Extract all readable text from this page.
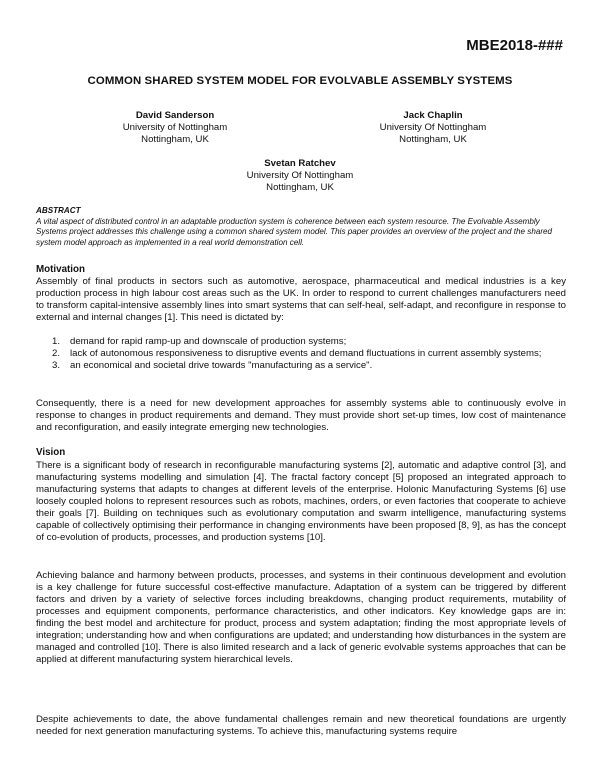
MBE2018-###
COMMON SHARED SYSTEM MODEL FOR EVOLVABLE ASSEMBLY SYSTEMS
David Sanderson
University of Nottingham
Nottingham, UK
Jack Chaplin
University Of Nottingham
Nottingham, UK
Svetan Ratchev
University Of Nottingham
Nottingham, UK
ABSTRACT
A vital aspect of distributed control in an adaptable production system is coherence between each system resource. The Evolvable Assembly Systems project addresses this challenge using a common shared system model. This paper provides an overview of the project and the shared system model approach as implemented in a real world demonstration cell.
Motivation
Assembly of final products in sectors such as automotive, aerospace, pharmaceutical and medical industries is a key production process in high labour cost areas such as the UK. In order to respond to current challenges manufacturers need to transform capital-intensive assembly lines into smart systems that can self-heal, self-adapt, and reconfigure in response to external and internal changes [1]. This need is dictated by:
1. demand for rapid ramp-up and downscale of production systems;
2. lack of autonomous responsiveness to disruptive events and demand fluctuations in current assembly systems;
3. an economical and societal drive towards "manufacturing as a service".
Consequently, there is a need for new development approaches for assembly systems able to continuously evolve in response to changes in product requirements and demand. They must provide short set-up times, low cost of maintenance and reconfiguration, and easily integrate emerging new technologies.
Vision
There is a significant body of research in reconfigurable manufacturing systems [2], automatic and adaptive control [3], and manufacturing systems modelling and simulation [4]. The fractal factory concept [5] proposed an integrated approach to manufacturing systems that adapts to changes at different levels of the enterprise. Holonic Manufacturing Systems [6] use loosely coupled holons to represent resources such as robots, machines, orders, or even factories that cooperate to achieve their goals [7]. Building on techniques such as evolutionary computation and swarm intelligence, manufacturing systems capable of collectively optimising their performance in changing environments have been proposed [8, 9], as has the concept of co-evolution of products, processes, and production systems [10].
Achieving balance and harmony between products, processes, and systems in their continuous development and evolution is a key challenge for future successful cost-effective manufacture. Adaptation of a system can be triggered by different factors and driven by a variety of selective forces including breakdowns, changing product requirements, mutability of processes and equipment components, performance characteristics, and other indicators. Key knowledge gaps are in: finding the best model and architecture for product, process and system adaptation; finding the most appropriate levels of integration; understanding how and when configurations are updated; and understanding how disturbances in the system are managed and controlled [10]. There is also limited research and a lack of generic evolvable systems approaches that can be applied at different manufacturing system hierarchical levels.
Despite achievements to date, the above fundamental challenges remain and new theoretical foundations are urgently needed for next generation manufacturing systems. To achieve this, manufacturing systems require
